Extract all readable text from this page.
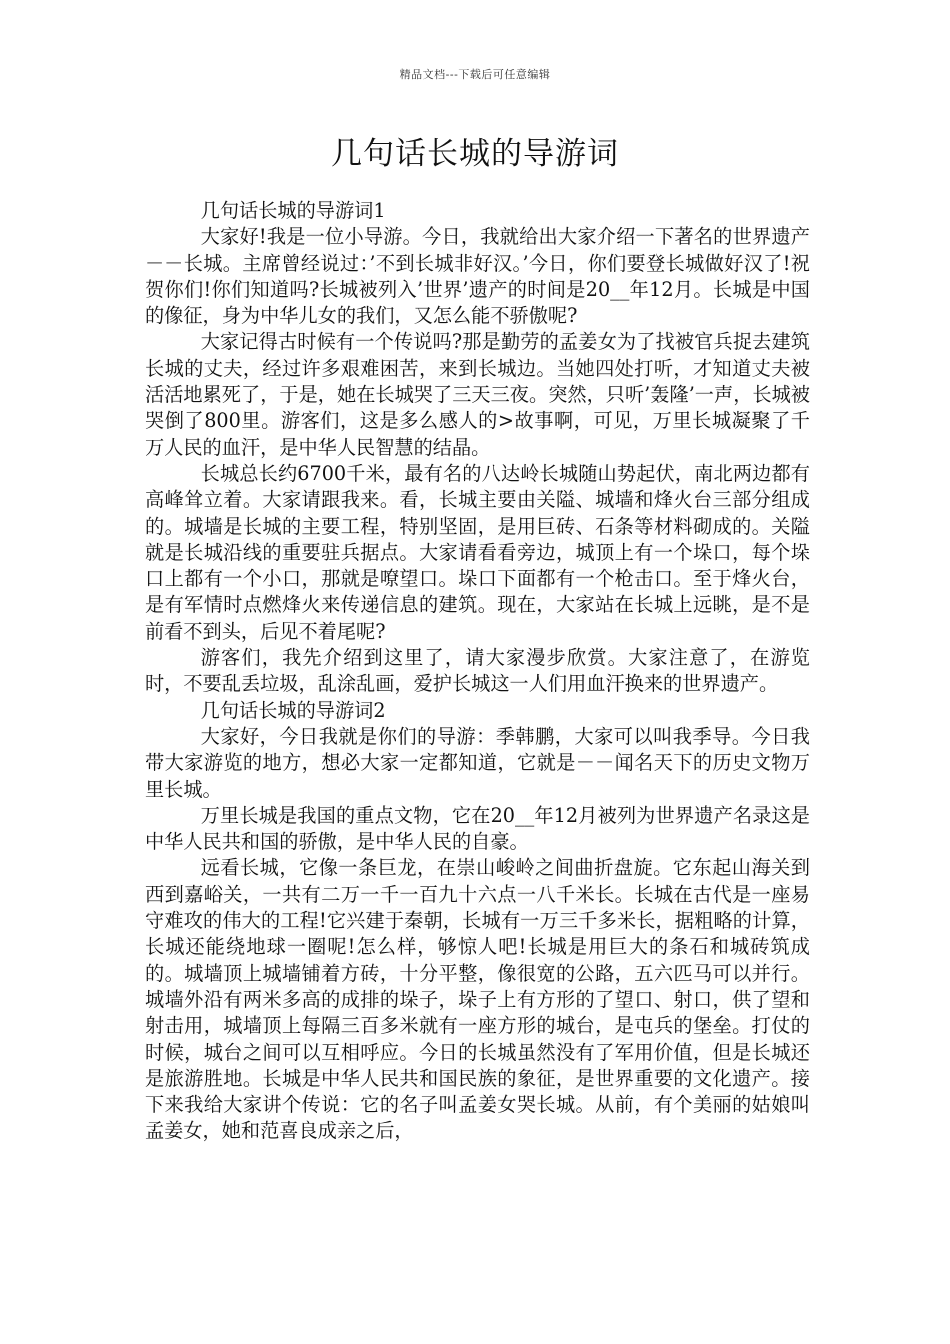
精品文档---下载后可任意编辑
几句话长城的导游词

几句话长城的导游词1

大家好!我是一位小导游。今日，我就给出大家介绍一下著名的世界遗产－－长城。主席曾经说过：’不到长城非好汉。’今日，你们要登长城做好汉了!祝贺你们!你们知道吗?长城被列入’世界’遗产的时间是20__年12月。长城是中国的像征，身为中华儿女的我们，又怎么能不骄傲呢?

大家记得古时候有一个传说吗?那是勤劳的孟姜女为了找被官兵捉去建筑长城的丈夫，经过许多艰难困苦，来到长城边。当她四处打听，才知道丈夫被活活地累死了，于是，她在长城哭了三天三夜。突然，只听’轰隆’一声，长城被哭倒了800里。游客们，这是多么感人的>故事啊，可见，万里长城凝聚了千万人民的血汗，是中华人民智慧的结晶。

长城总长约6700千米，最有名的八达岭长城随山势起伏，南北两边都有高峰耸立着。大家请跟我来。看，长城主要由关隘、城墙和烽火台三部分组成的。城墙是长城的主要工程，特别坚固，是用巨砖、石条等材料砌成的。关隘就是长城沿线的重要驻兵据点。大家请看看旁边，城顶上有一个垛口，每个垛口上都有一个小口，那就是嘹望口。垛口下面都有一个枪击口。至于烽火台，是有军情时点燃烽火来传递信息的建筑。现在，大家站在长城上远眺，是不是前看不到头，后见不着尾呢?

游客们，我先介绍到这里了，请大家漫步欣赏。大家注意了，在游览时，不要乱丢垃圾，乱涂乱画，爱护长城这一人们用血汗换来的世界遗产。

几句话长城的导游词2

大家好，今日我就是你们的导游：季韩鹏，大家可以叫我季导。今日我带大家游览的地方，想必大家一定都知道，它就是－－闻名天下的历史文物万里长城。

万里长城是我国的重点文物，它在20__年12月被列为世界遗产名录这是中华人民共和国的骄傲，是中华人民的自豪。

远看长城，它像一条巨龙，在崇山峻岭之间曲折盘旋。它东起山海关到西到嘉峪关，一共有二万一千一百九十六点一八千米长。长城在古代是一座易守难攻的伟大的工程!它兴建于秦朝，长城有一万三千多米长，据粗略的计算，长城还能绕地球一圈呢!怎么样，够惊人吧!长城是用巨大的条石和城砖筑成的。城墙顶上城墙铺着方砖，十分平整，像很宽的公路，五六匹马可以并行。城墙外沿有两米多高的成排的垛子，垛子上有方形的了望口、射口，供了望和射击用，城墙顶上每隔三百多米就有一座方形的城台，是屯兵的堡垒。打仗的时候，城台之间可以互相呼应。今日的长城虽然没有了军用价值，但是长城还是旅游胜地。长城是中华人民共和国民族的象征，是世界重要的文化遗产。接下来我给大家讲个传说：它的名子叫孟姜女哭长城。从前，有个美丽的姑娘叫孟姜女，她和范喜良成亲之后，
